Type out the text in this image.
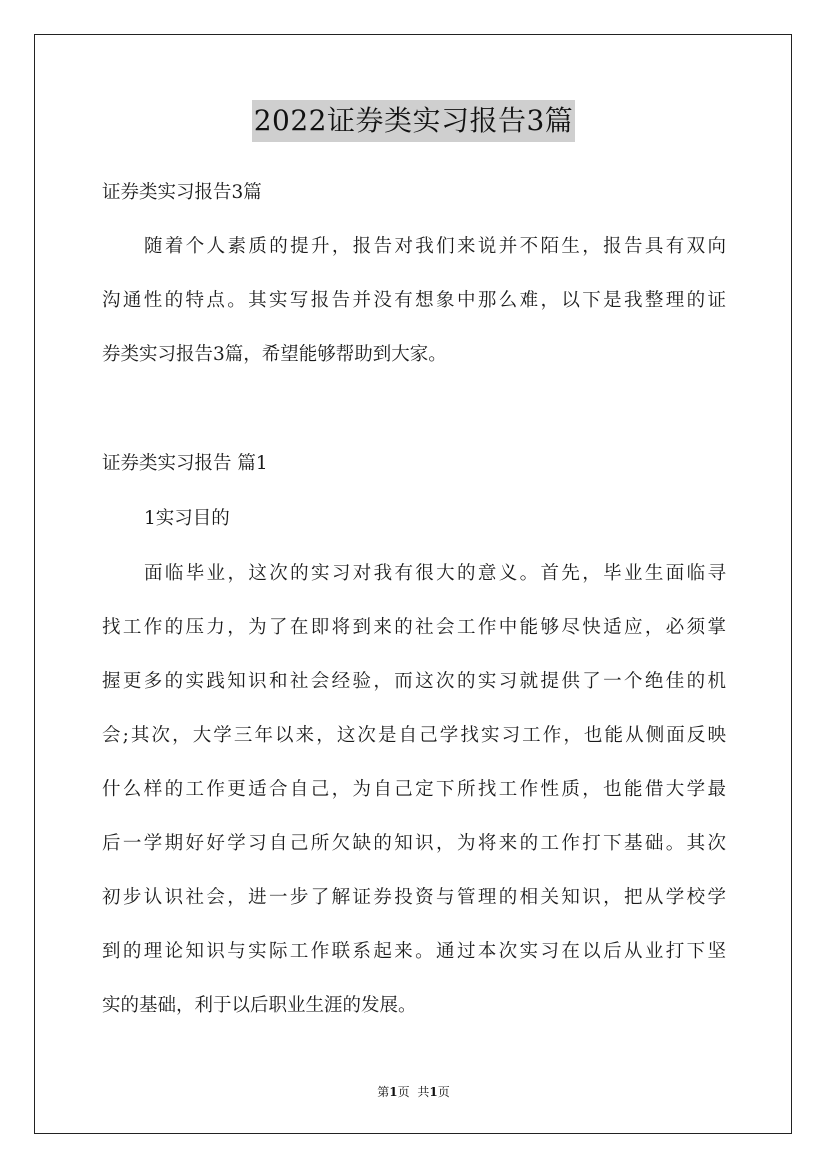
2022证券类实习报告3篇
证券类实习报告3篇
随着个人素质的提升，报告对我们来说并不陌生，报告具有双向
沟通性的特点。其实写报告并没有想象中那么难，以下是我整理的证
券类实习报告3篇，希望能够帮助到大家。
证券类实习报告 篇1
1实习目的
面临毕业，这次的实习对我有很大的意义。首先，毕业生面临寻
找工作的压力，为了在即将到来的社会工作中能够尽快适应，必须掌
握更多的实践知识和社会经验，而这次的实习就提供了一个绝佳的机
会;其次，大学三年以来，这次是自己学找实习工作，也能从侧面反映
什么样的工作更适合自己，为自己定下所找工作性质，也能借大学最
后一学期好好学习自己所欠缺的知识，为将来的工作打下基础。其次
初步认识社会，进一步了解证券投资与管理的相关知识，把从学校学
到的理论知识与实际工作联系起来。通过本次实习在以后从业打下坚
实的基础，利于以后职业生涯的发展。
第1页 共1页
